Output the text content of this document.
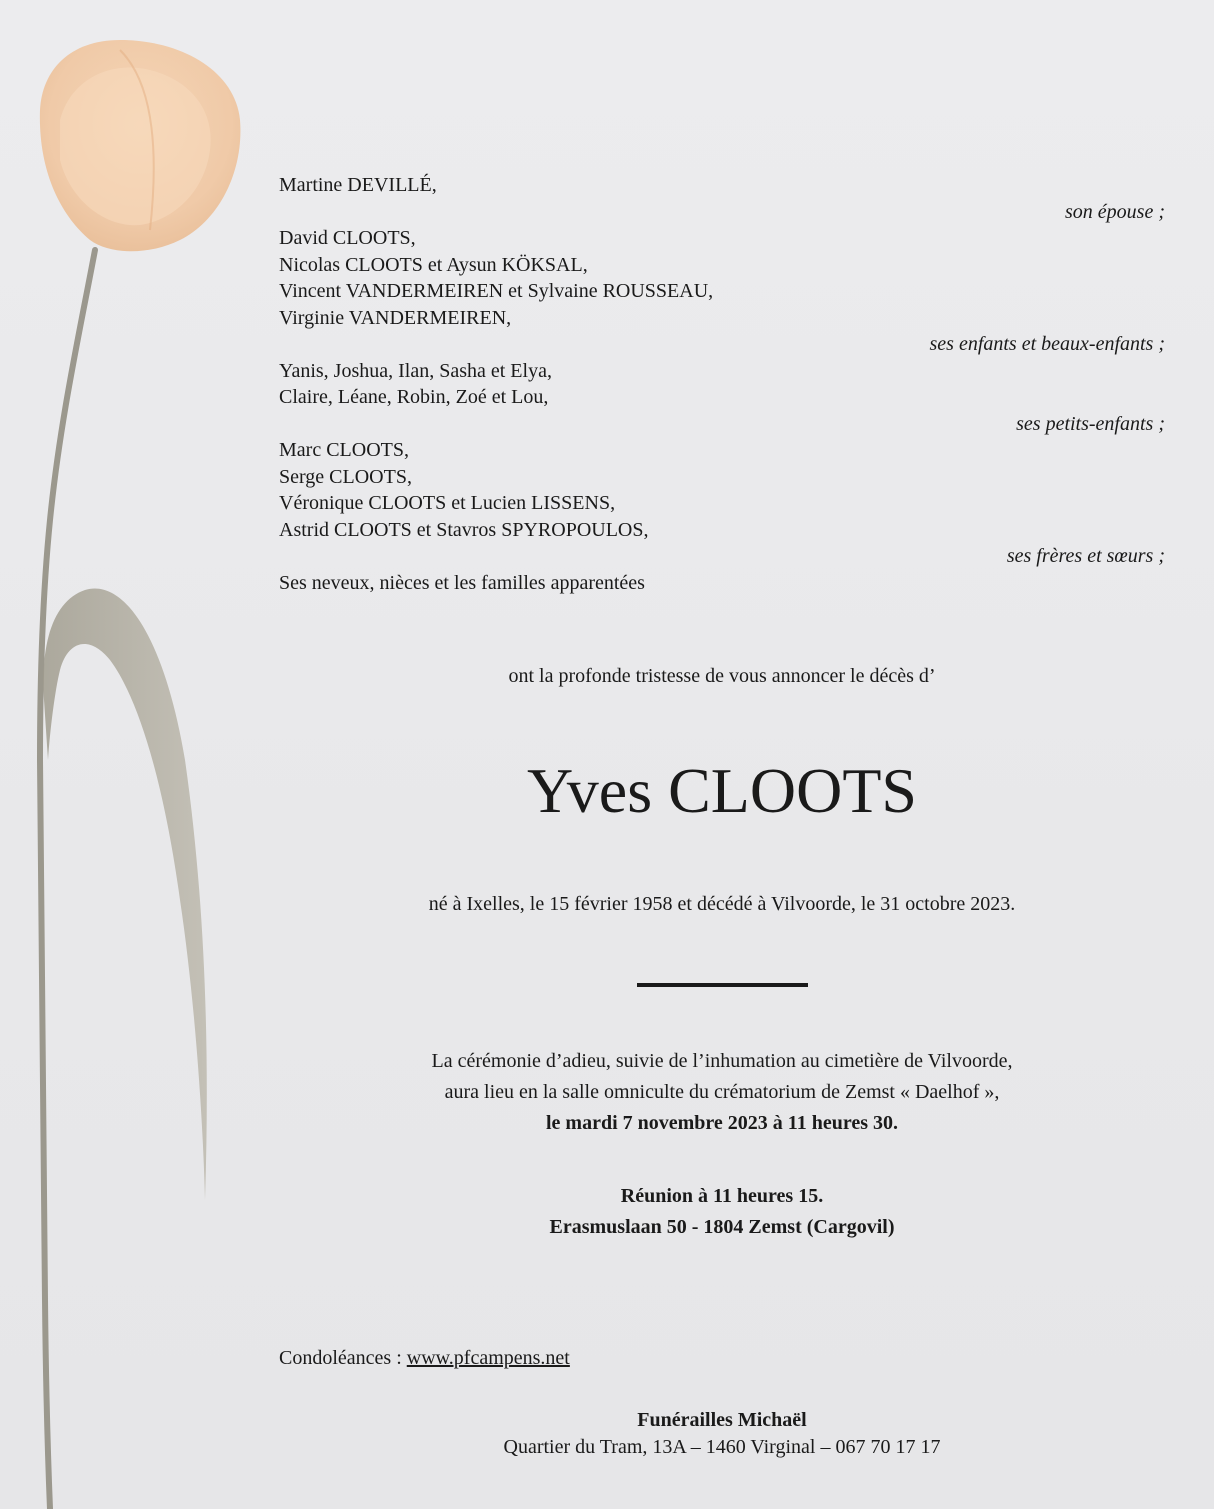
Martine DEVILLÉ,
son épouse ;
David CLOOTS,
Nicolas CLOOTS et Aysun KÖKSAL,
Vincent VANDERMEIREN et Sylvaine ROUSSEAU,
Virginie VANDERMEIREN,
ses enfants et beaux-enfants ;
Yanis, Joshua, Ilan, Sasha et Elya,
Claire, Léane, Robin, Zoé et Lou,
ses petits-enfants ;
Marc CLOOTS,
Serge CLOOTS,
Véronique CLOOTS et Lucien LISSENS,
Astrid CLOOTS et Stavros SPYROPOULOS,
ses frères et sœurs ;
Ses neveux, nièces et les familles apparentées
ont la profonde tristesse de vous annoncer le décès d’
Yves CLOOTS
né à Ixelles, le 15 février 1958 et décédé à Vilvoorde, le 31 octobre 2023.
La cérémonie d’adieu, suivie de l’inhumation au cimetière de Vilvoorde,
aura lieu en la salle omniculte du crématorium de Zemst « Daelhof »,
le mardi 7 novembre 2023 à 11 heures 30.
Réunion à 11 heures 15.
Erasmuslaan 50 - 1804 Zemst (Cargovil)
Condoléances : www.pfcampens.net
Funérailles Michaël
Quartier du Tram, 13A – 1460 Virginal – 067 70 17 17
